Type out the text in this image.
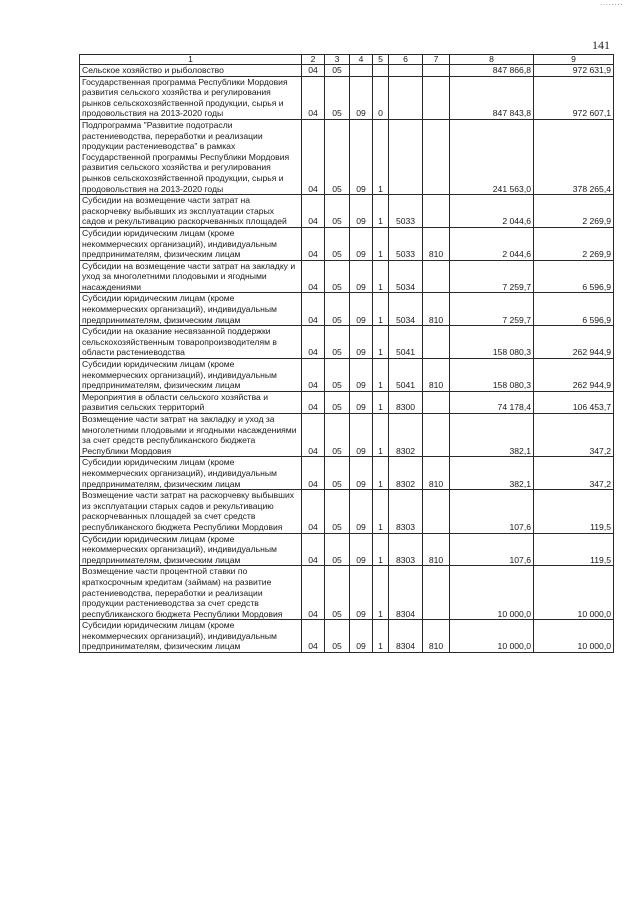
........
141
1	2	3	4	5	6	7	8	9
Сельское хозяйство и рыболовство	04	05					847 866,8	972 631,9
Государственная программа Республики Мордовия развития сельского хозяйства и регулирования рынков сельскохозяйственной продукции, сырья и продовольствия на 2013-2020 годы	04	05	09	0			847 843,8	972 607,1
Подпрограмма "Развитие подотрасли растениеводства, переработки и реализации продукции растениеводства" в рамках Государственной программы Республики Мордовия развития сельского хозяйства и регулирования рынков сельскохозяйственной продукции, сырья и продовольствия на 2013-2020 годы	04	05	09	1			241 563,0	378 265,4
Субсидии на возмещение части затрат на раскорчевку выбывших из эксплуатации старых садов и рекультивацию раскорчеванных площадей	04	05	09	1	5033		2 044,6	2 269,9
Субсидии юридическим лицам (кроме некоммерческих организаций), индивидуальным предпринимателям, физическим лицам	04	05	09	1	5033	810	2 044,6	2 269,9
Субсидии на возмещение части затрат на закладку и уход за многолетними плодовыми и ягодными насаждениями	04	05	09	1	5034		7 259,7	6 596,9
Субсидии юридическим лицам (кроме некоммерческих организаций), индивидуальным предпринимателям, физическим лицам	04	05	09	1	5034	810	7 259,7	6 596,9
Субсидии на оказание несвязанной поддержки сельскохозяйственным товаропроизводителям в области растениеводства	04	05	09	1	5041		158 080,3	262 944,9
Субсидии юридическим лицам (кроме некоммерческих организаций), индивидуальным предпринимателям, физическим лицам	04	05	09	1	5041	810	158 080,3	262 944,9
Мероприятия в области сельского хозяйства и развития сельских территорий	04	05	09	1	8300		74 178,4	106 453,7
Возмещение части затрат на закладку и уход за многолетними плодовыми и ягодными насаждениями за счет средств республиканского бюджета Республики Мордовия	04	05	09	1	8302		382,1	347,2
Субсидии юридическим лицам (кроме некоммерческих организаций), индивидуальным предпринимателям, физическим лицам	04	05	09	1	8302	810	382,1	347,2
Возмещение части затрат на раскорчевку выбывших из эксплуатации старых садов и рекультивацию раскорчеванных площадей за счет средств республиканского бюджета Республики Мордовия	04	05	09	1	8303		107,6	119,5
Субсидии юридическим лицам (кроме некоммерческих организаций), индивидуальным предпринимателям, физическим лицам	04	05	09	1	8303	810	107,6	119,5
Возмещение части процентной ставки по краткосрочным кредитам (займам) на развитие растениеводства, переработки и реализации продукции растениеводства за счет средств республиканского бюджета Республики Мордовия	04	05	09	1	8304		10 000,0	10 000,0
Субсидии юридическим лицам (кроме некоммерческих организаций), индивидуальным предпринимателям, физическим лицам	04	05	09	1	8304	810	10 000,0	10 000,0
